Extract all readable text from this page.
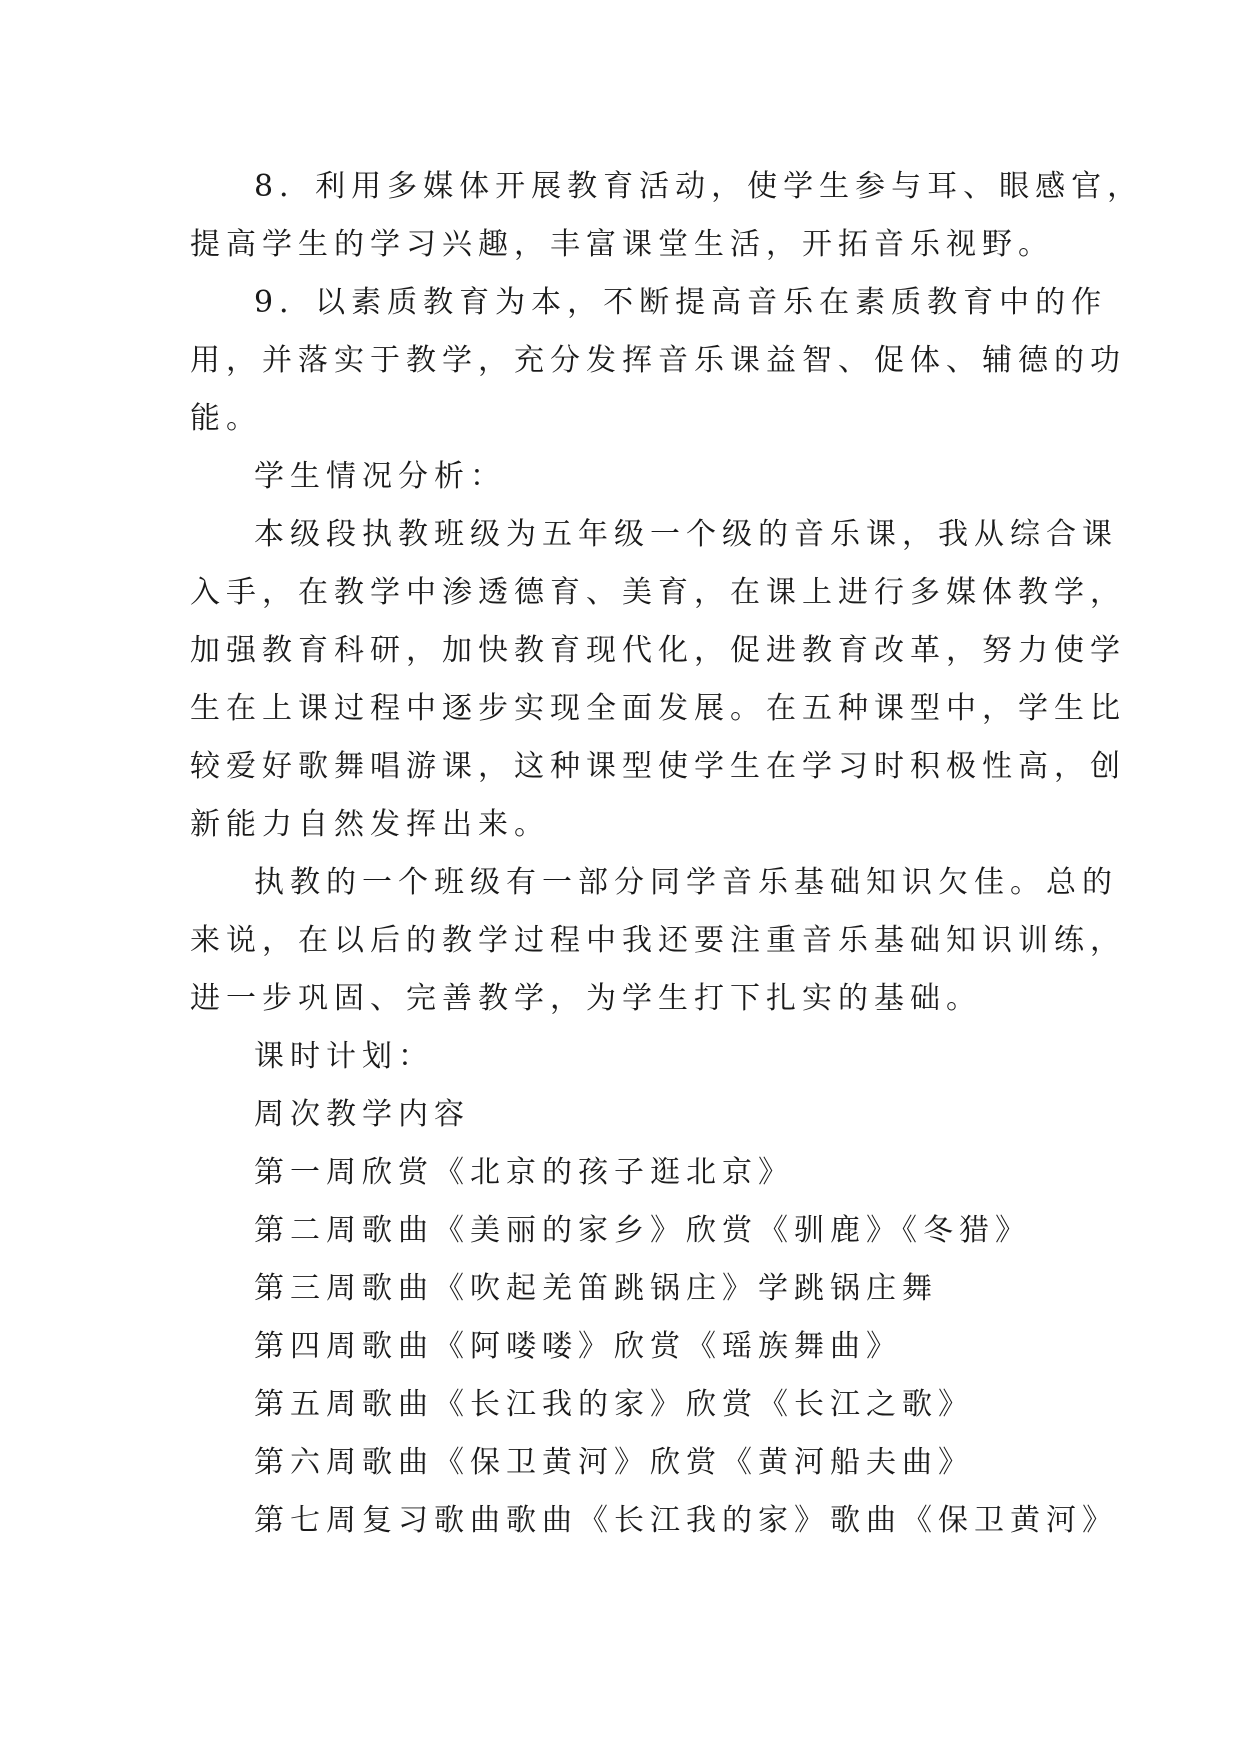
8．利用多媒体开展教育活动，使学生参与耳、眼感官，
提高学生的学习兴趣，丰富课堂生活，开拓音乐视野。
9．以素质教育为本，不断提高音乐在素质教育中的作
用，并落实于教学，充分发挥音乐课益智、促体、辅德的功
能。
学生情况分析：
本级段执教班级为五年级一个级的音乐课，我从综合课
入手，在教学中渗透德育、美育，在课上进行多媒体教学，
加强教育科研，加快教育现代化，促进教育改革，努力使学
生在上课过程中逐步实现全面发展。在五种课型中，学生比
较爱好歌舞唱游课，这种课型使学生在学习时积极性高，创
新能力自然发挥出来。
执教的一个班级有一部分同学音乐基础知识欠佳。总的
来说，在以后的教学过程中我还要注重音乐基础知识训练，
进一步巩固、完善教学，为学生打下扎实的基础。
课时计划：
周次教学内容
第一周欣赏《北京的孩子逛北京》
第二周歌曲《美丽的家乡》欣赏《驯鹿》《冬猎》
第三周歌曲《吹起羌笛跳锅庄》学跳锅庄舞
第四周歌曲《阿喽喽》欣赏《瑶族舞曲》
第五周歌曲《长江我的家》欣赏《长江之歌》
第六周歌曲《保卫黄河》欣赏《黄河船夫曲》
第七周复习歌曲歌曲《长江我的家》歌曲《保卫黄河》
